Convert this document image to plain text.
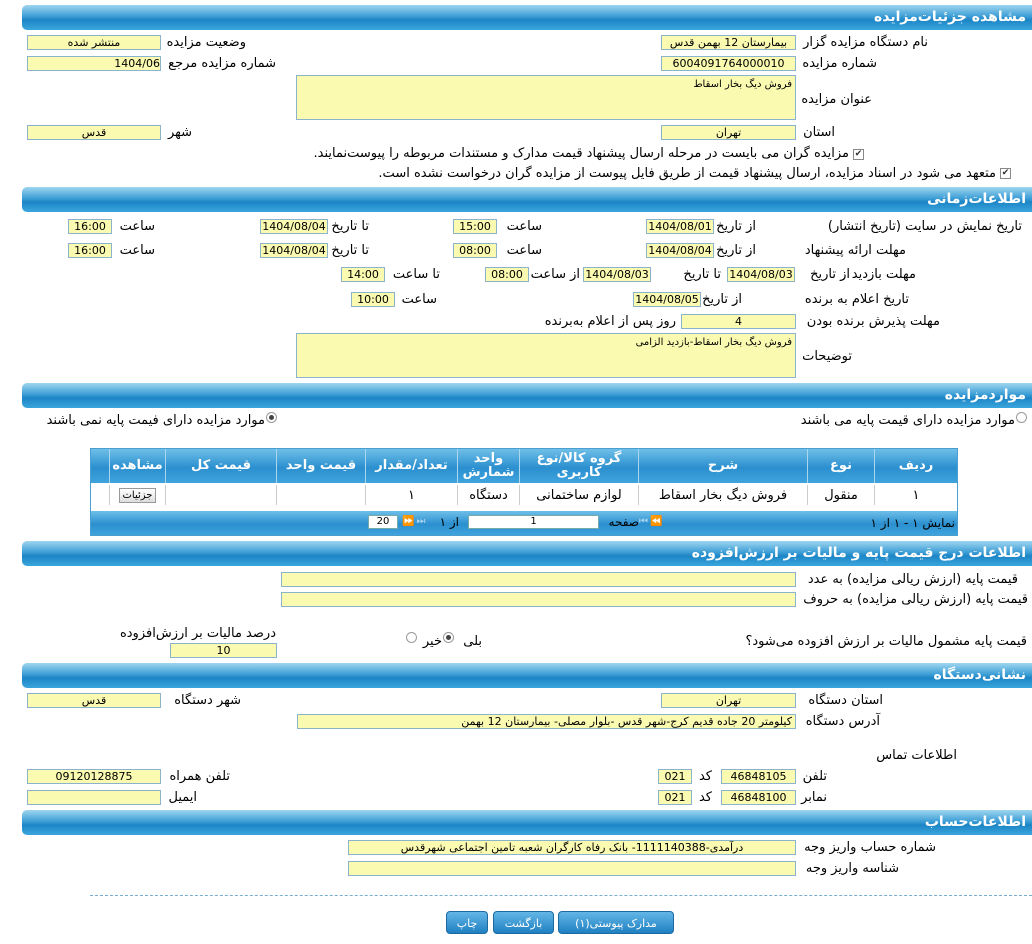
مشاهده جزئیات‌مزایده
نام دستگاه مزایده گزار
بیمارستان 12 بهمن قدس
وضعیت مزایده
منتشر شده
شماره مزایده
6004091764000010
شماره مزایده مرجع
1404/06
فروش دیگ بخار اسقاط
عنوان مزایده
استان
تهران
شهر
قدس
✔
مزایده گران می بایست در مرحله ارسال پیشنهاد قیمت مدارک و مستندات مربوطه را پیوست‌نمایند.
✔
متعهد می شود در اسناد مزایده، ارسال پیشنهاد قیمت از طریق فایل پیوست از مزایده گران درخواست نشده است.
اطلاعات‌زمانی
تاریخ نمایش در سایت (تاریخ انتشار)
از تاریخ
1404/08/01
ساعت
15:00
تا تاریخ
1404/08/04
ساعت
16:00
مهلت ارائه پیشنهاد
از تاریخ
1404/08/04
ساعت
08:00
تا تاریخ
1404/08/04
ساعت
16:00
مهلت بازدید
از تاریخ
1404/08/03
تا تاریخ
1404/08/03
از ساعت
08:00
تا ساعت
14:00
تاریخ اعلام به برنده
از تاریخ
1404/08/05
ساعت
10:00
مهلت پذیرش برنده بودن
4
روز پس از اعلام به‌برنده
فروش دیگ بخار اسقاط-بازدید الزامی
توضیحات
موارد‌مزایده
موارد مزایده دارای قیمت پایه می باشند
موارد مزایده دارای فیمت پایه نمی باشند
ردیف
نوع
شرح
گروه کالا/نوع کاربری
واحد شمارش
تعداد/مقدار
قیمت واحد
قیمت کل
مشاهده
۱
منقول
فروش دیگ بخار اسقاط
لوازم ساختمانی
دستگاه
۱
جزئیات
نمایش ۱ - ۱ از ۱
⏮⏪
صفحه
1
از ۱
⏩⏭
20
اطلاعات درج قیمت پایه و مالیات بر ارزش‌افزوده
قیمت پایه (ارزش ریالی مزایده) به عدد
قیمت پایه (ارزش ریالی مزایده) به حروف
قیمت پایه مشمول مالیات بر ارزش افزوده می‌شود؟
بلی
خیر
درصد مالیات بر ارزش‌افزوده
10
نشانی‌دستگاه
استان دستگاه
تهران
شهر دستگاه
قدس
آدرس دستگاه
کیلومتر 20 جاده قدیم کرج-شهر قدس -بلوار مصلی- بیمارستان 12 بهمن
اطلاعات تماس
تلفن
46848105
کد
021
تلفن همراه
09120128875
نمابر
46848100
کد
021
ایمیل
اطلاعات‌حساب
شماره حساب واریز وجه
درآمدی-1111140388- بانک رفاه کارگران شعبه تامین اجتماعی شهرقدس
شناسه واریز وجه
مدارک پیوستی(۱)
بازگشت
چاپ
